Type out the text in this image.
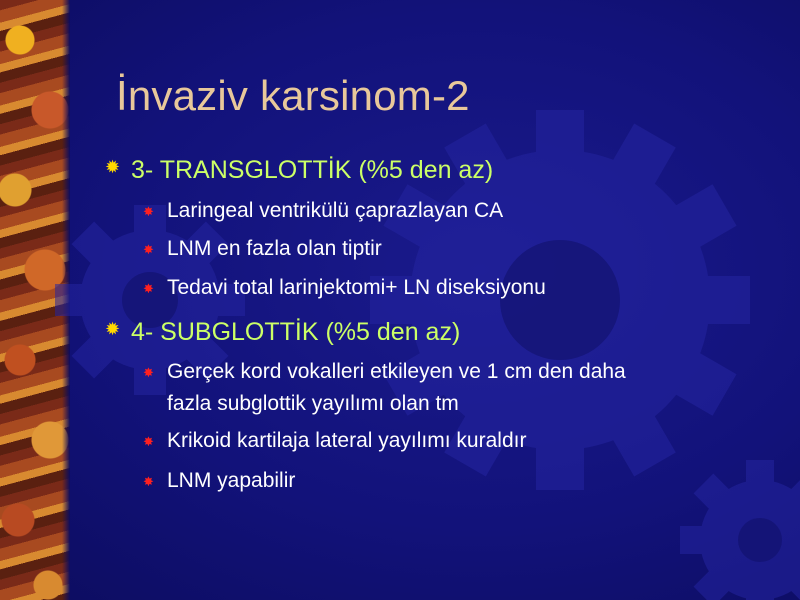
İnvaziv karsinom-2
✹ 3- TRANSGLOTTİK (%5 den az)
✸ Laringeal ventrikülü çaprazlayan CA
✸ LNM en fazla olan tiptir
✸ Tedavi total larinjektomi+ LN diseksiyonu
✹ 4- SUBGLOTTİK (%5 den az)
✸ Gerçek kord vokalleri etkileyen ve 1 cm den daha
fazla subglottik yayılımı olan tm
✸ Krikoid kartilaja lateral yayılımı kuraldır
✸ LNM yapabilir
